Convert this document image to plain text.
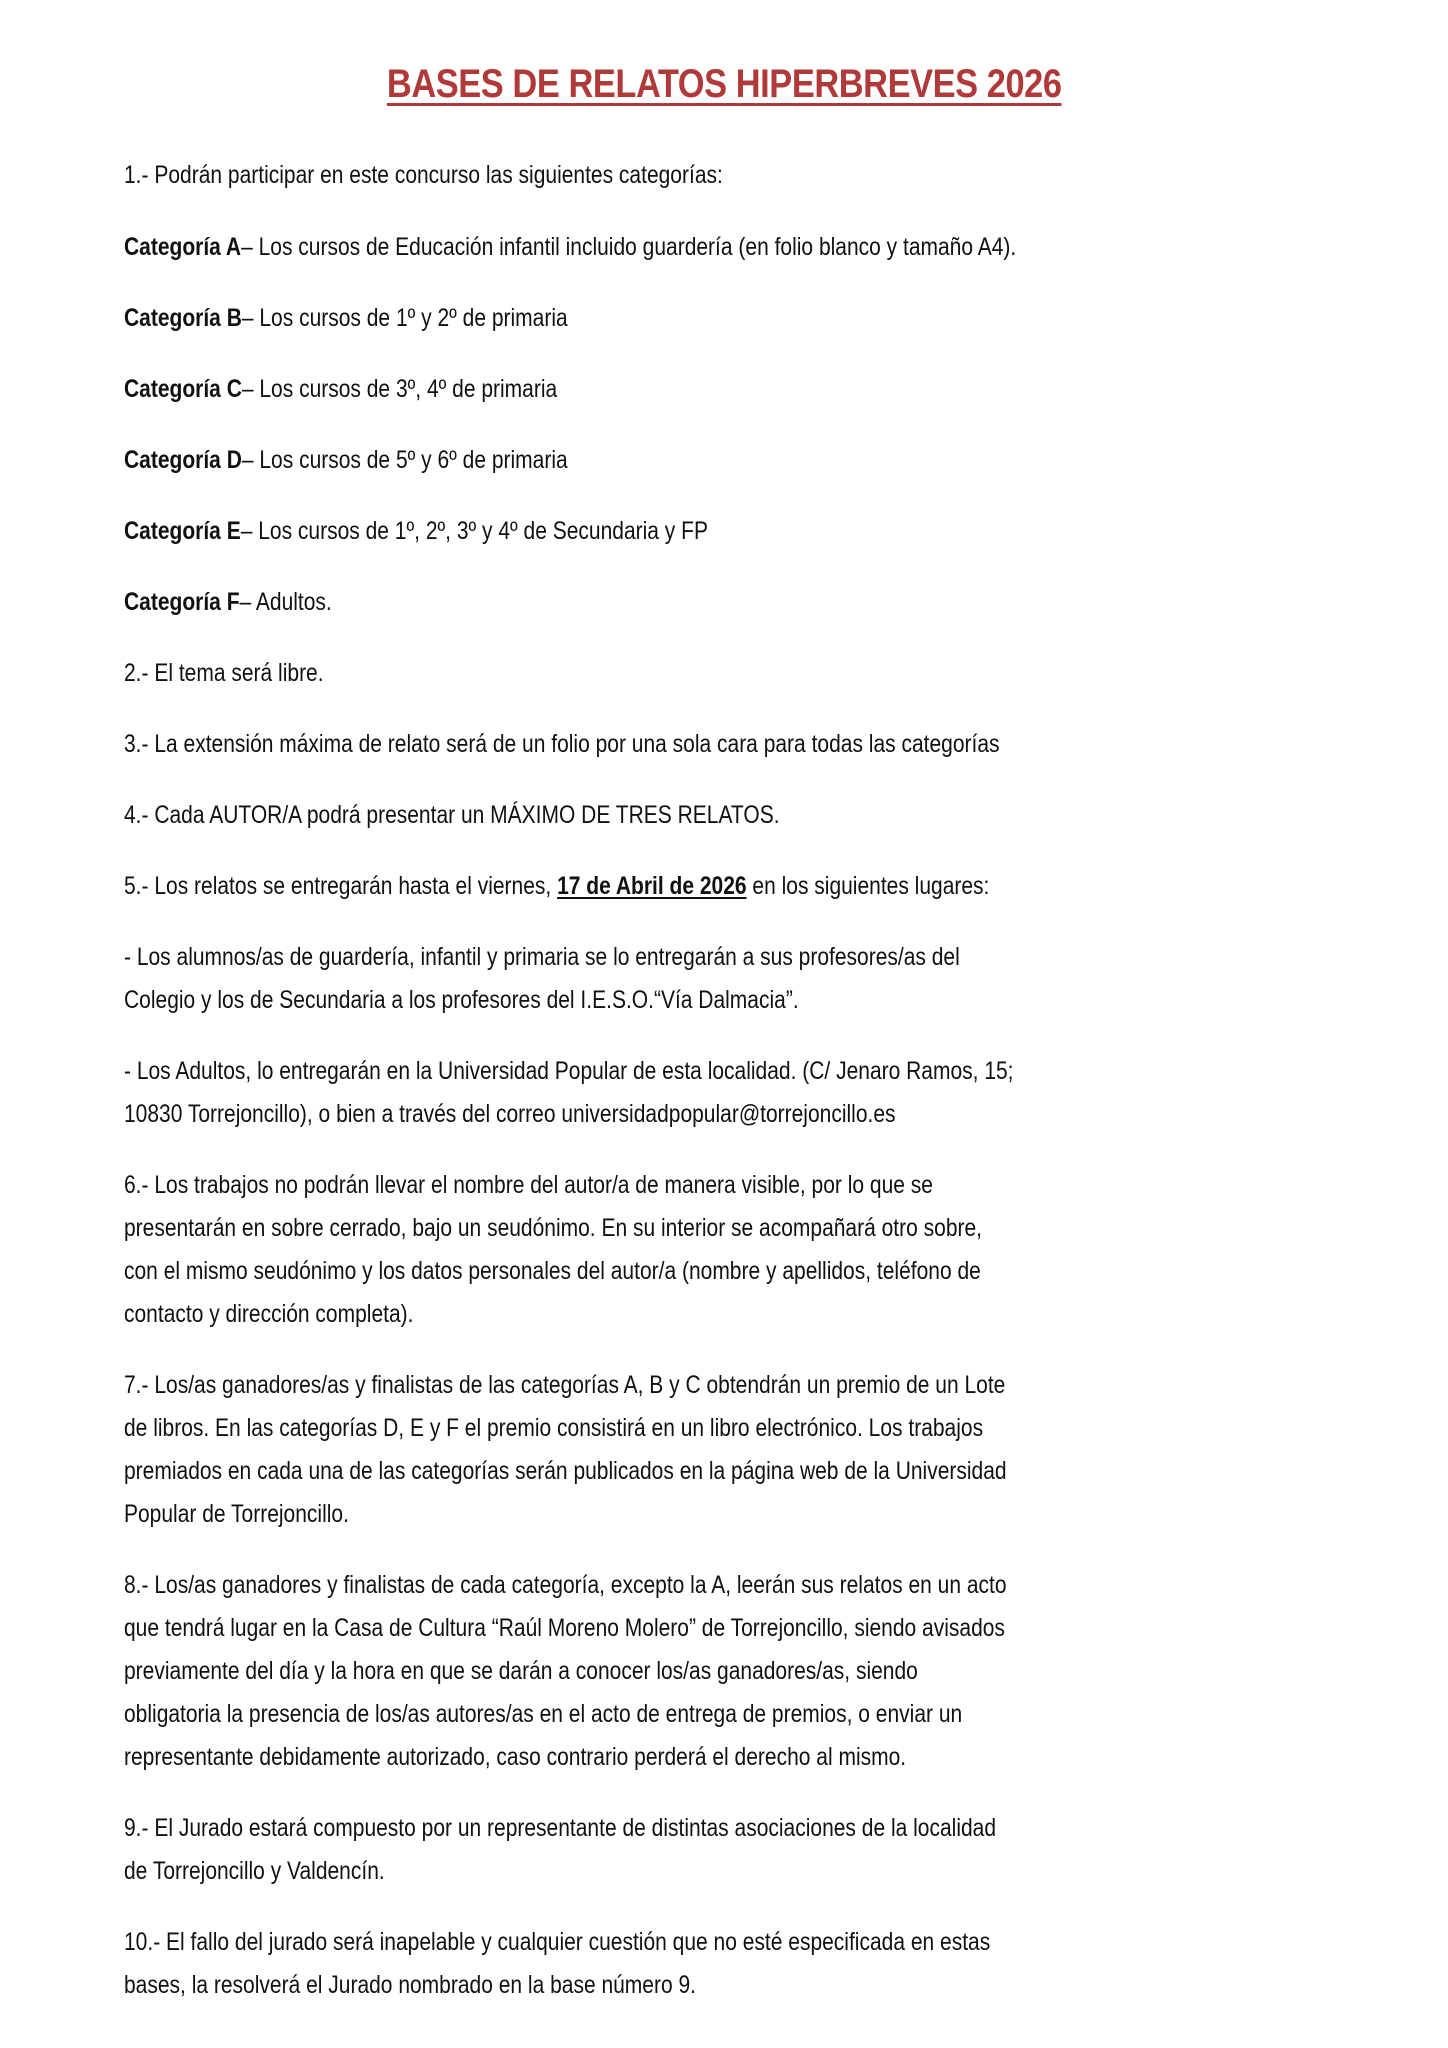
BASES DE RELATOS HIPERBREVES 2026
1.- Podrán participar en este concurso las siguientes categorías:
Categoría A– Los cursos de Educación infantil incluido guardería (en folio blanco y tamaño A4).
Categoría B– Los cursos de 1º y 2º de primaria
Categoría C– Los cursos de 3º, 4º de primaria
Categoría D– Los cursos de 5º y 6º de primaria
Categoría E– Los cursos de 1º, 2º, 3º y 4º de Secundaria y FP
Categoría F– Adultos.
2.- El tema será libre.
3.- La extensión máxima de relato será de un folio por una sola cara para todas las categorías
4.- Cada AUTOR/A podrá presentar un MÁXIMO DE TRES RELATOS.
5.- Los relatos se entregarán hasta el viernes, 17 de Abril de 2026 en los siguientes lugares:
- Los alumnos/as de guardería, infantil y primaria se lo entregarán a sus profesores/as del
Colegio y los de Secundaria a los profesores del I.E.S.O.“Vía Dalmacia”.
- Los Adultos, lo entregarán en la Universidad Popular de esta localidad. (C/ Jenaro Ramos, 15;
10830 Torrejoncillo), o bien a través del correo universidadpopular@torrejoncillo.es
6.- Los trabajos no podrán llevar el nombre del autor/a de manera visible, por lo que se
presentarán en sobre cerrado, bajo un seudónimo. En su interior se acompañará otro sobre,
con el mismo seudónimo y los datos personales del autor/a (nombre y apellidos, teléfono de
contacto y dirección completa).
7.- Los/as ganadores/as y finalistas de las categorías A, B y C obtendrán un premio de un Lote
de libros. En las categorías D, E y F el premio consistirá en un libro electrónico. Los trabajos
premiados en cada una de las categorías serán publicados en la página web de la Universidad
Popular de Torrejoncillo.
8.- Los/as ganadores y finalistas de cada categoría, excepto la A, leerán sus relatos en un acto
que tendrá lugar en la Casa de Cultura “Raúl Moreno Molero” de Torrejoncillo, siendo avisados
previamente del día y la hora en que se darán a conocer los/as ganadores/as, siendo
obligatoria la presencia de los/as autores/as en el acto de entrega de premios, o enviar un
representante debidamente autorizado, caso contrario perderá el derecho al mismo.
9.- El Jurado estará compuesto por un representante de distintas asociaciones de la localidad
de Torrejoncillo y Valdencín.
10.- El fallo del jurado será inapelable y cualquier cuestión que no esté especificada en estas
bases, la resolverá el Jurado nombrado en la base número 9.
